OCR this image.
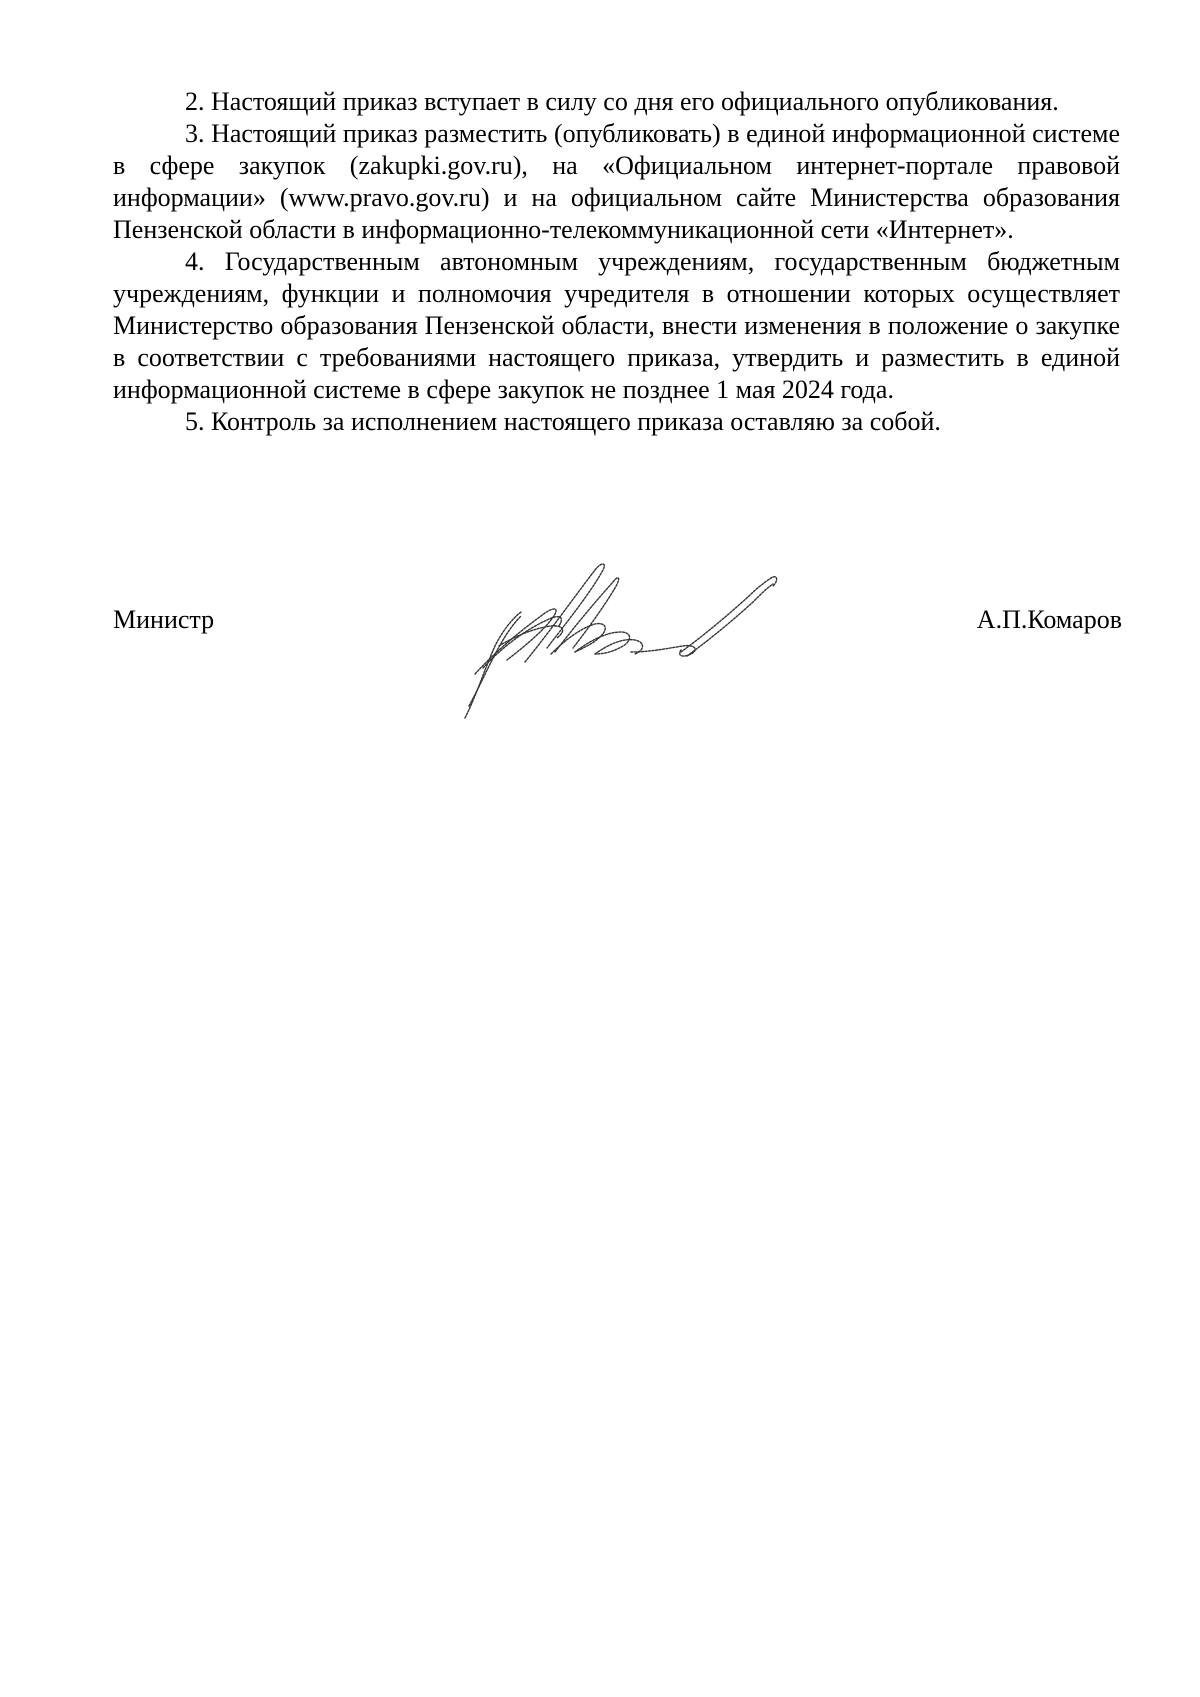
2. Настоящий приказ вступает в силу со дня его официального опубликования.

3. Настоящий приказ разместить (опубликовать) в единой информационной системе в сфере закупок (zakupki.gov.ru), на «Официальном интернет-портале правовой информации» (www.pravo.gov.ru) и на официальном сайте Министерства образования Пензенской области в информационно-телекоммуникационной сети «Интернет».

4. Государственным автономным учреждениям, государственным бюджетным учреждениям, функции и полномочия учредителя в отношении которых осуществляет Министерство образования Пензенской области, внести изменения в положение о закупке в соответствии с требованиями настоящего приказа, утвердить и разместить в единой информационной системе в сфере закупок не позднее 1 мая 2024 года.

5. Контроль за исполнением настоящего приказа оставляю за собой.

Министр	А.П.Комаров
